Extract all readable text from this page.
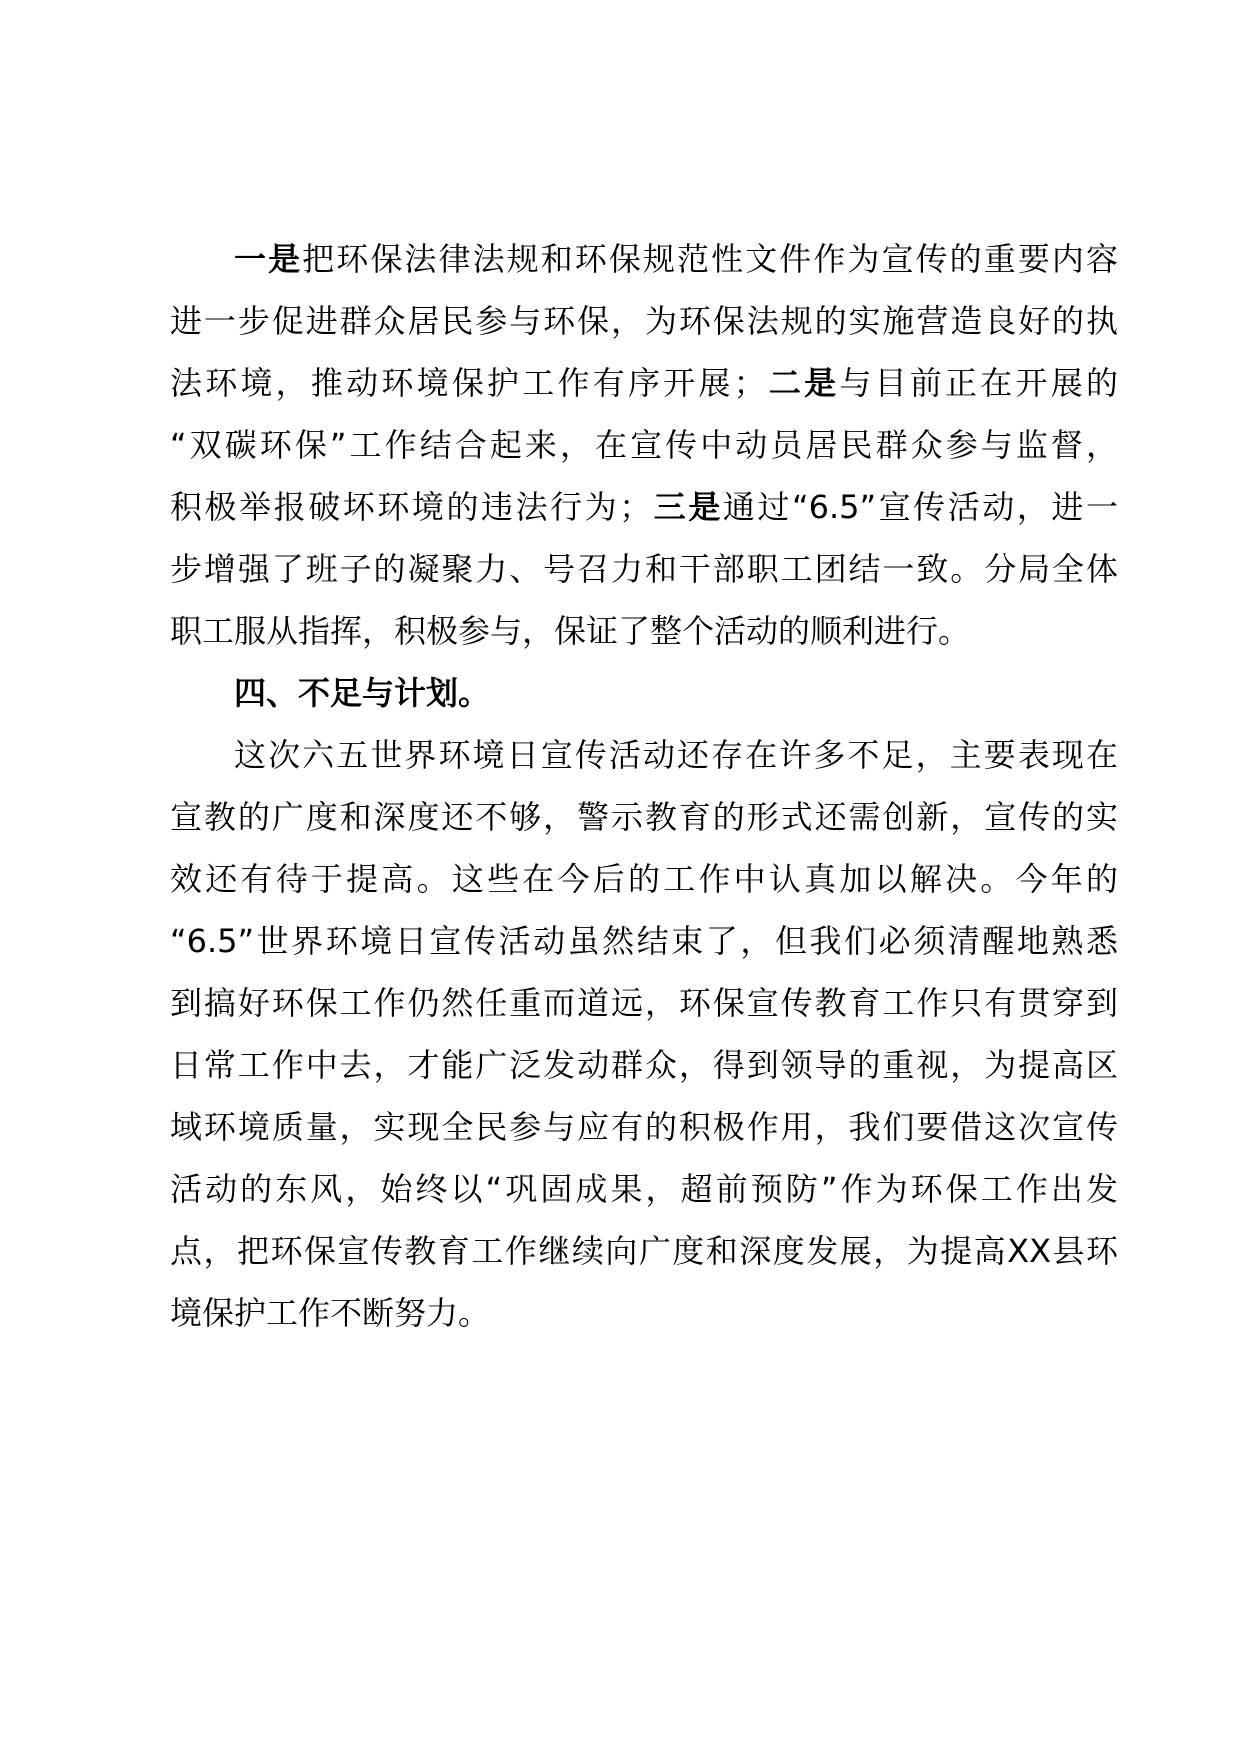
一是把环保法律法规和环保规范性文件作为宣传的重要内容
进一步促进群众居民参与环保，为环保法规的实施营造良好的执
法环境，推动环境保护工作有序开展；二是与目前正在开展的
“双碳环保”工作结合起来，在宣传中动员居民群众参与监督，
积极举报破坏环境的违法行为；三是通过“6.5”宣传活动，进一
步增强了班子的凝聚力、号召力和干部职工团结一致。分局全体
职工服从指挥，积极参与，保证了整个活动的顺利进行。
四、不足与计划。
这次六五世界环境日宣传活动还存在许多不足，主要表现在
宣教的广度和深度还不够，警示教育的形式还需创新，宣传的实
效还有待于提高。这些在今后的工作中认真加以解决。今年的
“6.5”世界环境日宣传活动虽然结束了，但我们必须清醒地熟悉
到搞好环保工作仍然任重而道远，环保宣传教育工作只有贯穿到
日常工作中去，才能广泛发动群众，得到领导的重视，为提高区
域环境质量，实现全民参与应有的积极作用，我们要借这次宣传
活动的东风，始终以“巩固成果，超前预防”作为环保工作出发
点，把环保宣传教育工作继续向广度和深度发展，为提高XX县环
境保护工作不断努力。
